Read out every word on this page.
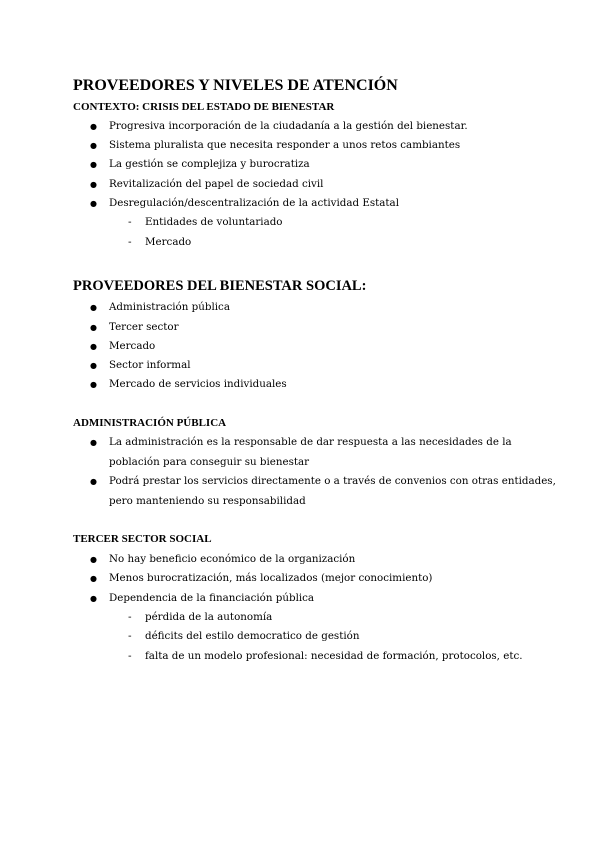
PROVEEDORES Y NIVELES DE ATENCIÓN
CONTEXTO: CRISIS DEL ESTADO DE BIENESTAR
● Progresiva incorporación de la ciudadanía a la gestión del bienestar.
● Sistema pluralista que necesita responder a unos retos cambiantes
● La gestión se complejiza y burocratiza
● Revitalización del papel de sociedad civil
● Desregulación/descentralización de la actividad Estatal
- Entidades de voluntariado
- Mercado
PROVEEDORES DEL BIENESTAR SOCIAL:
● Administración pública
● Tercer sector
● Mercado
● Sector informal
● Mercado de servicios individuales
ADMINISTRACIÓN PÚBLICA
● La administración es la responsable de dar respuesta a las necesidades de la
población para conseguir su bienestar
● Podrá prestar los servicios directamente o a través de convenios con otras entidades,
pero manteniendo su responsabilidad
TERCER SECTOR SOCIAL
● No hay beneficio económico de la organización
● Menos burocratización, más localizados (mejor conocimiento)
● Dependencia de la financiación pública
- pérdida de la autonomía
- déficits del estilo democratico de gestión
- falta de un modelo profesional: necesidad de formación, protocolos, etc.
